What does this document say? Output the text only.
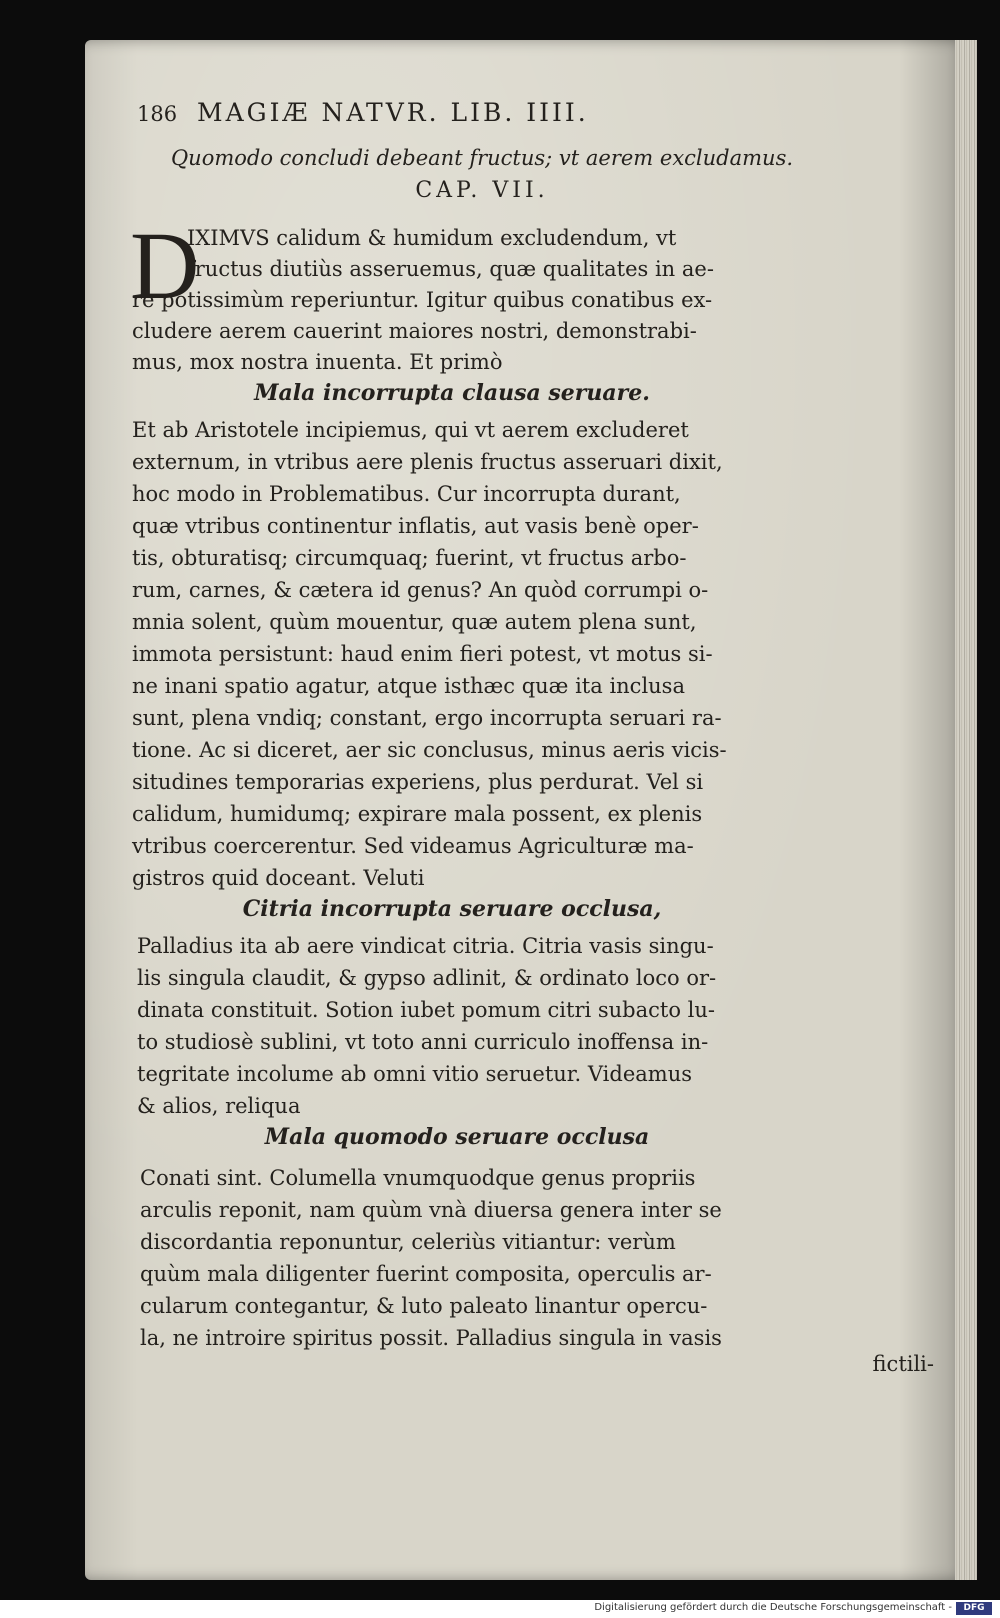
186 MAGIÆ NATVR. LIB. IIII.
Quomodo concludi debeant fructus; vt aerem excludamus.
CAP. VII.
D
IXIMVS calidum & humidum excludendum, vt
fructus diutiùs asseruemus, quæ qualitates in ae-
re potissimùm reperiuntur. Igitur quibus conatibus ex-
cludere aerem cauerint maiores nostri, demonstrabi-
mus, mox nostra inuenta. Et primò
Mala incorrupta clausa seruare.
Et ab Aristotele incipiemus, qui vt aerem excluderet
externum, in vtribus aere plenis fructus asseruari dixit,
hoc modo in Problematibus. Cur incorrupta durant,
quæ vtribus continentur inflatis, aut vasis benè oper-
tis, obturatisq; circumquaq; fuerint, vt fructus arbo-
rum, carnes, & cætera id genus? An quòd corrumpi o-
mnia solent, quùm mouentur, quæ autem plena sunt,
immota persistunt: haud enim fieri potest, vt motus si-
ne inani spatio agatur, atque isthæc quæ ita inclusa
sunt, plena vndiq; constant, ergo incorrupta seruari ra-
tione. Ac si diceret, aer sic conclusus, minus aeris vicis-
situdines temporarias experiens, plus perdurat. Vel si
calidum, humidumq; expirare mala possent, ex plenis
vtribus coercerentur. Sed videamus Agriculturæ ma-
gistros quid doceant. Veluti
Citria incorrupta seruare occlusa,
Palladius ita ab aere vindicat citria. Citria vasis singu-
lis singula claudit, & gypso adlinit, & ordinato loco or-
dinata constituit. Sotion iubet pomum citri subacto lu-
to studiosè sublini, vt toto anni curriculo inoffensa in-
tegritate incolume ab omni vitio seruetur. Videamus
& alios, reliqua
Mala quomodo seruare occlusa
Conati sint. Columella vnumquodque genus propriis
arculis reponit, nam quùm vnà diuersa genera inter se
discordantia reponuntur, celeriùs vitiantur: verùm
quùm mala diligenter fuerint composita, operculis ar-
cularum contegantur, & luto paleato linantur opercu-
la, ne introire spiritus possit. Palladius singula in vasis
fictili-
Digitalisierung gefördert durch die Deutsche Forschungsgemeinschaft -	DFG
